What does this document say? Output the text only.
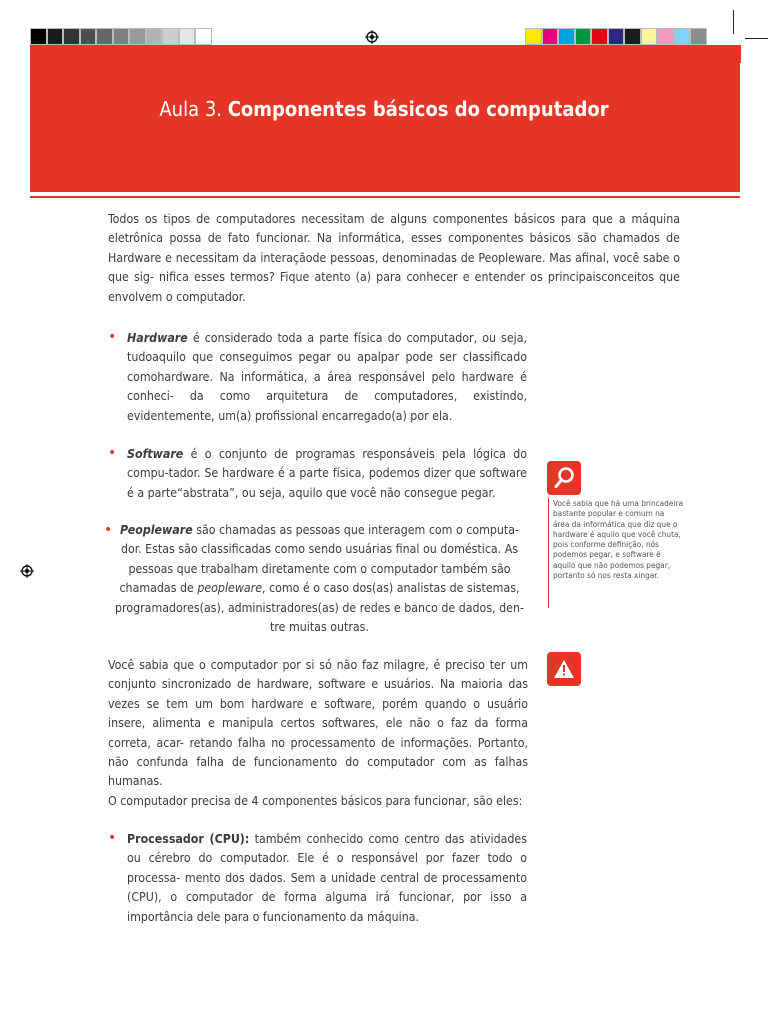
Aula 3. Componentes básicos do computador
Todos os tipos de computadores necessitam de alguns componentes básicos para que a máquina eletrônica possa de fato funcionar. Na informática, esses componentes básicos são chamados de Hardware e necessitam da interaçãode pessoas, denominadas de Peopleware. Mas afinal, você sabe o que sig- nifica esses termos? Fique atento (a) para conhecer e entender os principaisconceitos que envolvem o computador.
• Hardware é considerado toda a parte física do computador, ou seja, tudoaquilo que conseguimos pegar ou apalpar pode ser classificado comohardware. Na informática, a área responsável pelo hardware é conheci- da como arquitetura de computadores, existindo, evidentemente, um(a) profissional encarregado(a) por ela.
• Software é o conjunto de programas responsáveis pela lógica do compu-tador. Se hardware é a parte física, podemos dizer que software é a parte“abstrata”, ou seja, aquilo que você não consegue pegar.
• Peopleware são chamadas as pessoas que interagem com o computa- dor. Estas são classificadas como sendo usuárias final ou doméstica. As pessoas que trabalham diretamente com o computador também são chamadas de peopleware, como é o caso dos(as) analistas de sistemas, programadores(as), administradores(as) de redes e banco de dados, den- tre muitas outras.
Você sabia que há uma brincadeira bastante popular e comum na área da informática que diz que o hardware é aquilo que você chuta, pois conforme definição, nós podemos pegar, e software é aquilo que não podemos pegar, portanto só nos resta xingar.
Você sabia que o computador por si só não faz milagre, é preciso ter um conjunto sincronizado de hardware, software e usuários. Na maioria das vezes se tem um bom hardware e software, porém quando o usuário insere, alimenta e manipula certos softwares, ele não o faz da forma correta, acar- retando falha no processamento de informações. Portanto, não confunda falha de funcionamento do computador com as falhas humanas.
O computador precisa de 4 componentes básicos para funcionar, são eles:
• Processador (CPU): também conhecido como centro das atividades ou cérebro do computador. Ele é o responsável por fazer todo o processa- mento dos dados. Sem a unidade central de processamento (CPU), o computador de forma alguma irá funcionar, por isso a importância dele para o funcionamento da máquina.
